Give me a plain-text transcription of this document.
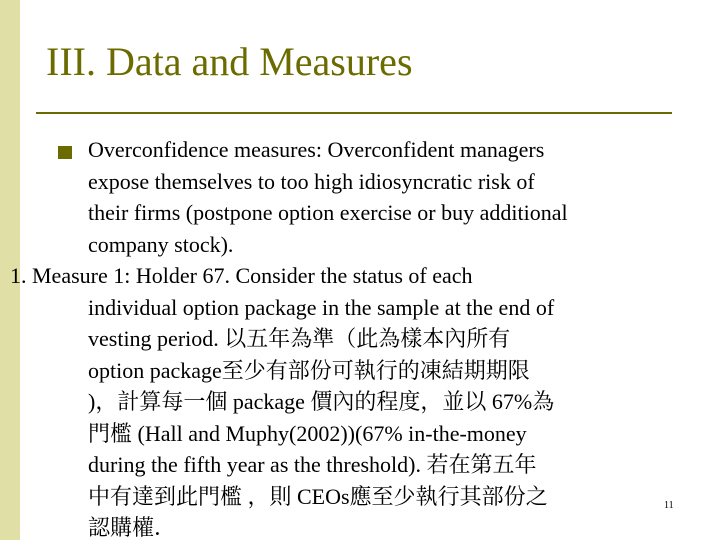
III. Data and Measures
Overconfidence measures: Overconfident managers
expose themselves to too high idiosyncratic risk of
their firms (postpone option exercise or buy additional
company stock).
1. Measure 1: Holder 67. Consider the status of each
individual option package in the sample at the end of
vesting period. 以五年為準（此為樣本內所有
option package至少有部份可執行的凍結期期限
)，計算每一個 package 價內的程度，並以 67%為
門檻 (Hall and Muphy(2002))(67% in-the-money
during the fifth year as the threshold). 若在第五年
中有達到此門檻 ，則 CEOs應至少執行其部份之
認購權．
11
